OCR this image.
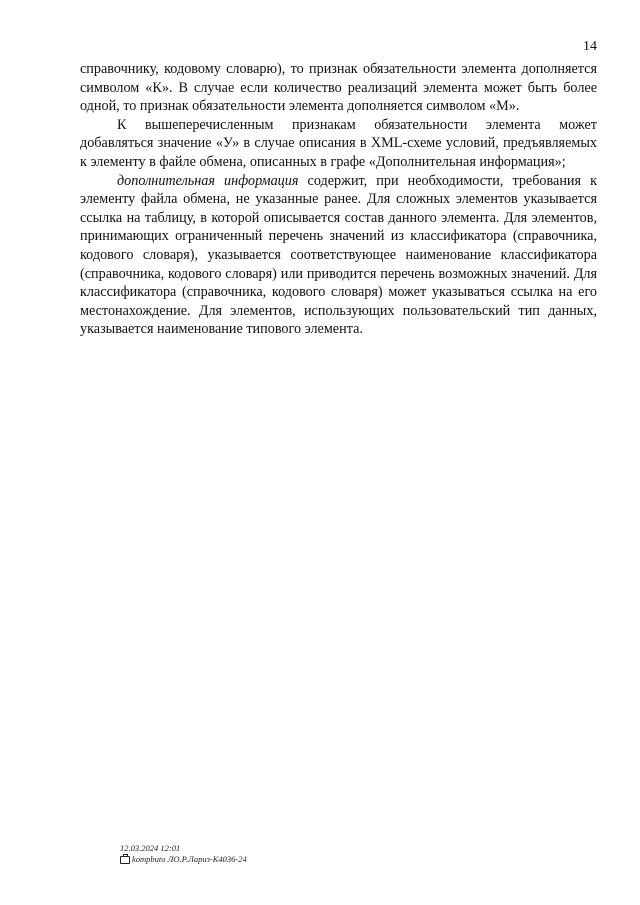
14

справочнику, кодовому словарю), то признак обязательности элемента дополняется символом «К». В случае если количество реализаций элемента может быть более одной, то признак обязательности элемента дополняется символом «М».

К вышеперечисленным признакам обязательности элемента может добавляться значение «У» в случае описания в XML-схеме условий, предъявляемых к элементу в файле обмена, описанных в графе «Дополнительная информация»;

дополнительная информация содержит, при необходимости, требования к элементу файла обмена, не указанные ранее. Для сложных элементов указывается ссылка на таблицу, в которой описывается состав данного элемента. Для элементов, принимающих ограниченный перечень значений из классификатора (справочника, кодового словаря), указывается соответствующее наименование классификатора (справочника, кодового словаря) или приводится перечень возможных значений. Для классификатора (справочника, кодового словаря) может указываться ссылка на его местонахождение. Для элементов, использующих пользовательский тип данных, указывается наименование типового элемента.

12.03.2024 12:01
kompbuto ЛО.Р.Лариз-К4036-24
